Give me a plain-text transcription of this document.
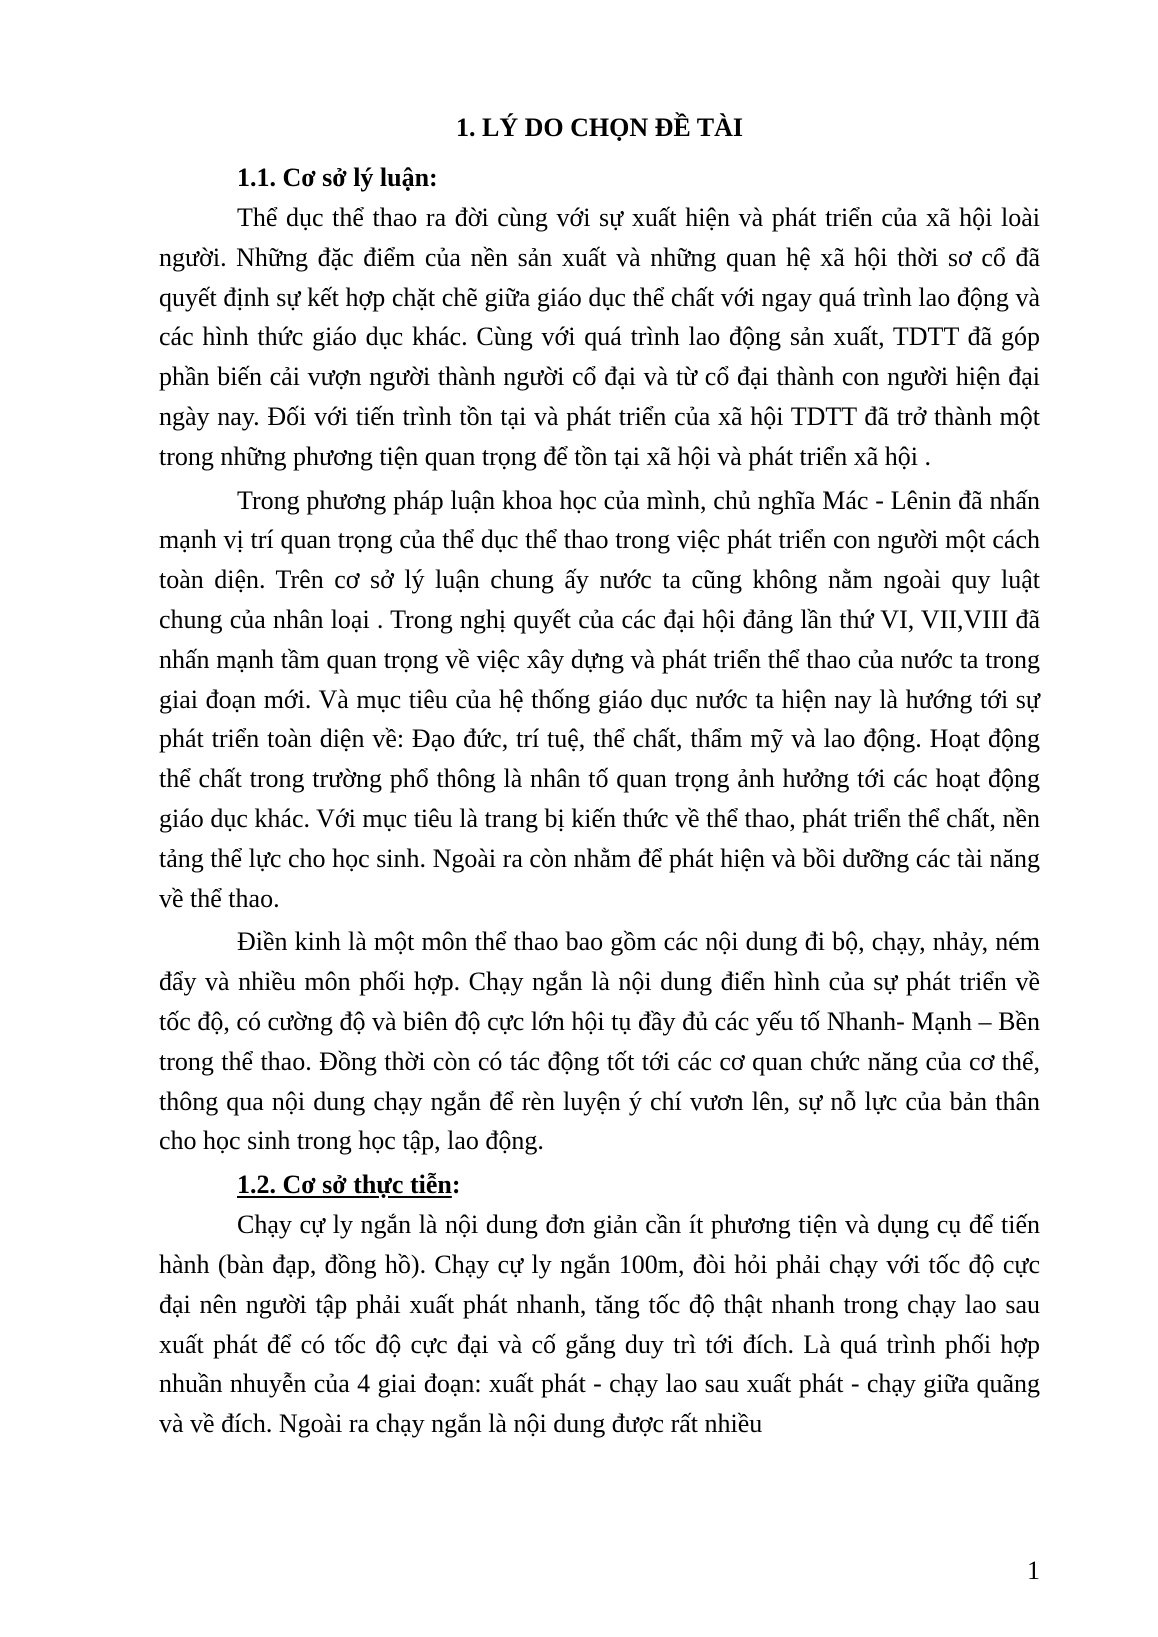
1. LÝ DO CHỌN ĐỀ TÀI

1.1. Cơ sở lý luận:

Thể dục thể thao ra đời cùng với sự xuất hiện và phát triển của xã hội loài người. Những đặc điểm của nền sản xuất và những quan hệ xã hội thời sơ cổ đã quyết định sự kết hợp chặt chẽ giữa giáo dục thể chất với ngay quá trình lao động và các hình thức giáo dục khác. Cùng với quá trình lao động sản xuất, TDTT đã góp phần biến cải vượn người thành người cổ đại và từ cổ đại thành con người hiện đại ngày nay. Đối với tiến trình tồn tại và phát triển của xã hội TDTT đã trở thành một trong những phương tiện quan trọng để tồn tại xã hội và phát triển xã hội .

Trong phương pháp luận khoa học của mình, chủ nghĩa Mác - Lênin đã nhấn mạnh vị trí quan trọng của thể dục thể thao trong việc phát triển con người một cách toàn diện. Trên cơ sở lý luận chung ấy nước ta cũng không nằm ngoài quy luật chung của nhân loại . Trong nghị quyết của các đại hội đảng lần thứ VI, VII,VIII đã nhấn mạnh tầm quan trọng về việc xây dựng và phát triển thể thao của nước ta trong giai đoạn mới. Và mục tiêu của hệ thống giáo dục nước ta hiện nay là hướng tới sự phát triển toàn diện về: Đạo đức, trí tuệ, thể chất, thẩm mỹ và lao động. Hoạt động thể chất trong trường phổ thông là nhân tố quan trọng ảnh hưởng tới các hoạt động giáo dục khác. Với mục tiêu là trang bị kiến thức về thể thao, phát triển thể chất, nền tảng thể lực cho học sinh. Ngoài ra còn nhằm để phát hiện và bồi dưỡng các tài năng về thể thao.

Điền kinh là một môn thể thao bao gồm các nội dung đi bộ, chạy, nhảy, ném đẩy và nhiều môn phối hợp. Chạy ngắn là nội dung điển hình của sự phát triển về tốc độ, có cường độ và biên độ cực lớn hội tụ đầy đủ các yếu tố Nhanh- Mạnh – Bền trong thể thao. Đồng thời còn có tác động tốt tới các cơ quan chức năng của cơ thể, thông qua nội dung chạy ngắn để rèn luyện ý chí vươn lên, sự nỗ lực của bản thân cho học sinh trong học tập, lao động.

1.2. Cơ sở thực tiễn:

Chạy cự ly ngắn là nội dung đơn giản cần ít phương tiện và dụng cụ để tiến hành (bàn đạp, đồng hồ). Chạy cự ly ngắn 100m, đòi hỏi phải chạy với tốc độ cực đại nên người tập phải xuất phát nhanh, tăng tốc độ thật nhanh trong chạy lao sau xuất phát để có tốc độ cực đại và cố gắng duy trì tới đích. Là quá trình phối hợp nhuần nhuyễn của 4 giai đoạn: xuất phát - chạy lao sau xuất phát - chạy giữa quãng và về đích. Ngoài ra chạy ngắn là nội dung được rất nhiều

1
